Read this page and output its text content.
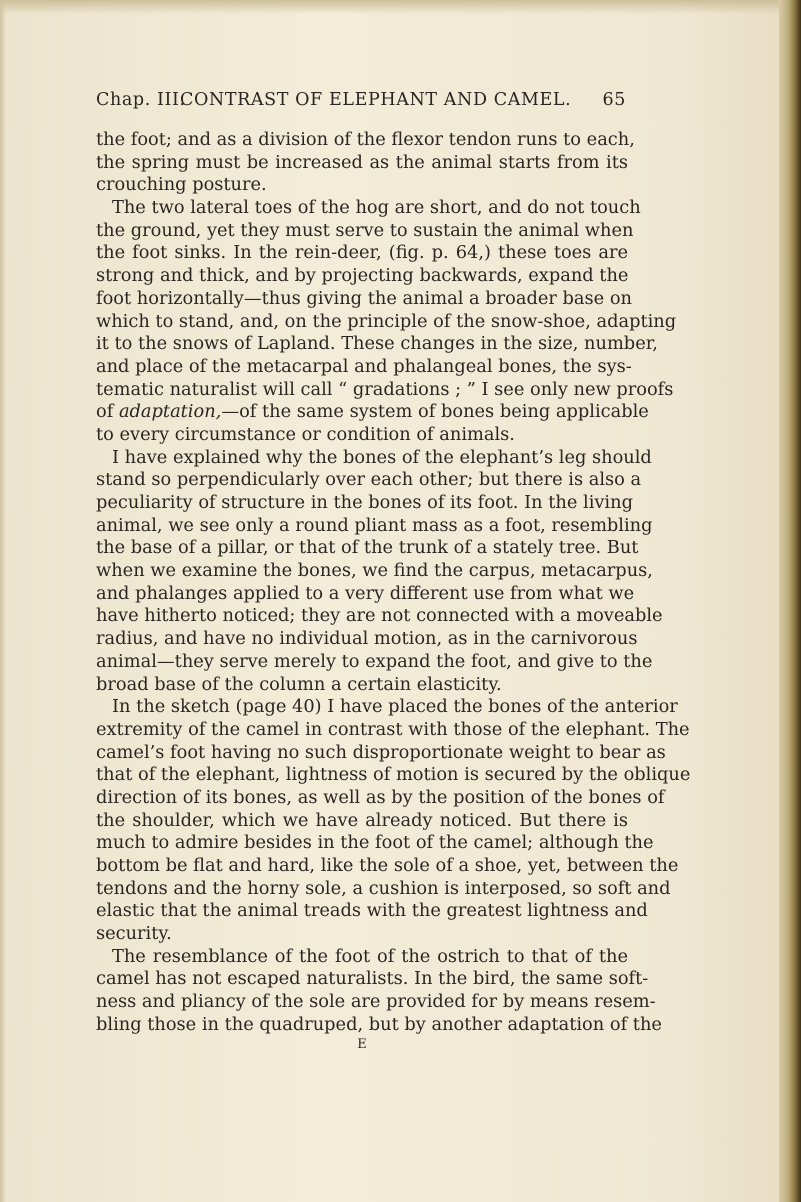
Chap. III.
CONTRAST OF ELEPHANT AND CAMEL. 65
the foot; and as a division of the flexor tendon runs to each,
the spring must be increased as the animal starts from its
crouching posture.
The two lateral toes of the hog are short, and do not touch
the ground, yet they must serve to sustain the animal when
the foot sinks. In the rein-deer, (fig. p. 64,) these toes are
strong and thick, and by projecting backwards, expand the
foot horizontally—thus giving the animal a broader base on
which to stand, and, on the principle of the snow-shoe, adapting
it to the snows of Lapland. These changes in the size, number,
and place of the metacarpal and phalangeal bones, the sys-
tematic naturalist will call “ gradations ; ” I see only new proofs
of adaptation,—of the same system of bones being applicable
to every circumstance or condition of animals.
I have explained why the bones of the elephant’s leg should
stand so perpendicularly over each other; but there is also a
peculiarity of structure in the bones of its foot. In the living
animal, we see only a round pliant mass as a foot, resembling
the base of a pillar, or that of the trunk of a stately tree. But
when we examine the bones, we find the carpus, metacarpus,
and phalanges applied to a very different use from what we
have hitherto noticed; they are not connected with a moveable
radius, and have no individual motion, as in the carnivorous
animal—they serve merely to expand the foot, and give to the
broad base of the column a certain elasticity.
In the sketch (page 40) I have placed the bones of the anterior
extremity of the camel in contrast with those of the elephant. The
camel’s foot having no such disproportionate weight to bear as
that of the elephant, lightness of motion is secured by the oblique
direction of its bones, as well as by the position of the bones of
the shoulder, which we have already noticed. But there is
much to admire besides in the foot of the camel; although the
bottom be flat and hard, like the sole of a shoe, yet, between the
tendons and the horny sole, a cushion is interposed, so soft and
elastic that the animal treads with the greatest lightness and
security.
The resemblance of the foot of the ostrich to that of the
camel has not escaped naturalists. In the bird, the same soft-
ness and pliancy of the sole are provided for by means resem-
bling those in the quadruped, but by another adaptation of the
E
